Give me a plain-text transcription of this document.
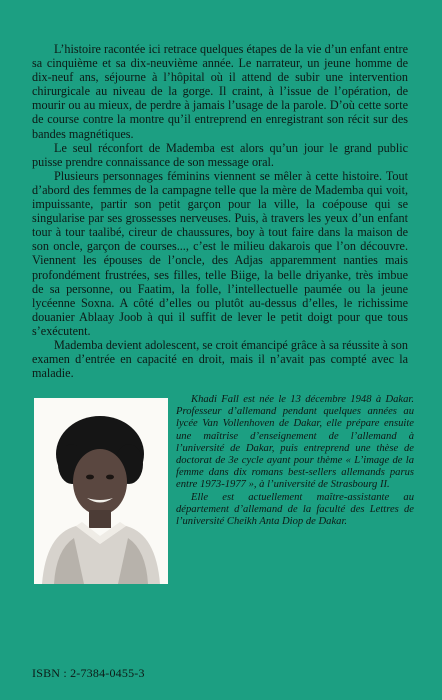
L’histoire racontée ici retrace quelques étapes de la vie d’un enfant entre sa cinquième et sa dix-neuvième année. Le narrateur, un jeune homme de dix-neuf ans, séjourne à l’hôpital où il attend de subir une intervention chirurgicale au niveau de la gorge. Il craint, à l’issue de l’opération, de mourir ou au mieux, de perdre à jamais l’usage de la parole. D’où cette sorte de course contre la montre qu’il entreprend en enregistrant son récit sur des bandes magnétiques.

Le seul réconfort de Mademba est alors qu’un jour le grand public puisse prendre connaissance de son message oral.

Plusieurs personnages féminins viennent se mêler à cette histoire. Tout d’abord des femmes de la campagne telle que la mère de Mademba qui voit, impuissante, partir son petit garçon pour la ville, la coépouse qui se singularise par ses grossesses nerveuses. Puis, à travers les yeux d’un enfant tour à tour taalibé, cireur de chaussures, boy à tout faire dans la maison de son oncle, garçon de courses..., c’est le milieu dakarois que l’on découvre. Viennent les épouses de l’oncle, des Adjas apparemment nanties mais profondément frustrées, ses filles, telle Biige, la belle driyanke, très imbue de sa personne, ou Faatim, la folle, l’intellectuelle paumée ou la jeune lycéenne Soxna. A côté d’elles ou plutôt au-dessus d’elles, le richissime douanier Ablaay Joob à qui il suffit de lever le petit doigt pour que tous s’exécutent.

Mademba devient adolescent, se croit émancipé grâce à sa réussite à son examen d’entrée en capacité en droit, mais il n’avait pas compté avec la maladie.

Khadi Fall est née le 13 décembre 1948 à Dakar. Professeur d’allemand pendant quelques années au lycée Van Vollenhoven de Dakar, elle prépare ensuite une maîtrise d’enseignement de l’allemand à l’université de Dakar, puis entreprend une thèse de doctorat de 3e cycle ayant pour thème « L’image de la femme dans dix romans best-sellers allemands parus entre 1973-1977 », à l’université de Strasbourg II.

Elle est actuellement maître-assistante au département d’allemand de la faculté des Lettres de l’université Cheikh Anta Diop de Dakar.

ISBN : 2-7384-0455-3
